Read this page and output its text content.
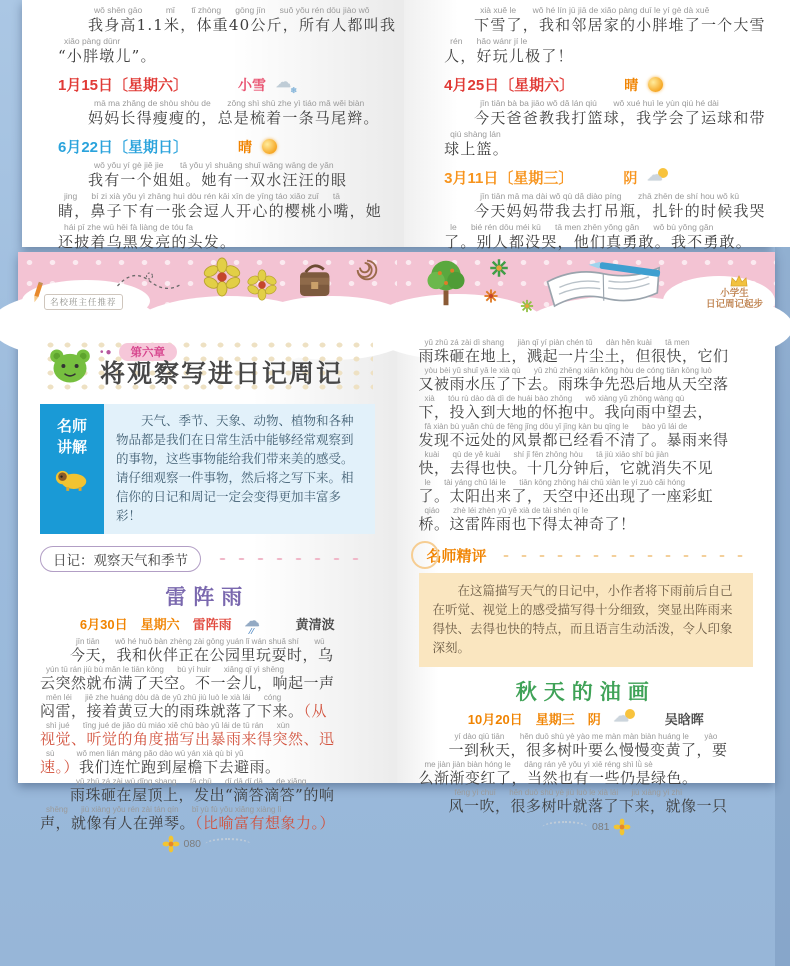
wǒ shēn gāo          mǐ       tǐ zhòng      gōng jīn      suǒ yǒu rén dōu jiào wǒ
我身高1.1米，体重40公斤，所有人都叫我
xiǎo pàng dūnr
“小胖墩儿”。
1月15日〔星期六〕	小雪
☁ ❄
mā ma zhǎng de shòu shòu de       zǒng shì shū zhe yì tiáo mǎ wěi biàn
妈妈长得瘦瘦的，总是梳着一条马尾辫。
6月22日〔星期日〕	晴
wǒ yǒu yí gè jiě jie       tā yǒu yì shuāng shuǐ wāng wāng de yǎn
我有一个姐姐。她有一双水汪汪的眼
jing      bí zi xià yǒu yì zhāng huì dòu rén kāi xīn de yīng táo xiǎo zuǐ      tā
睛，鼻子下有一张会逗人开心的樱桃小嘴，她
hái pī zhe wū hēi fà liàng de tóu fa
还披着乌黑发亮的头发。
xià xuě le       wǒ hé lín jū jiā de xiǎo pàng duī le yí gè dà xuě
下雪了，我和邻居家的小胖堆了一个大雪
rén      hǎo wánr jí le
人，好玩儿极了！
4月25日〔星期六〕	晴
jīn tiān bà ba jiāo wǒ dǎ lán qiú       wǒ xué huì le yùn qiú hé dài
今天爸爸教我打篮球，我学会了运球和带
qiú shàng lán
球上篮。
3月11日〔星期三〕	阴
☁
jīn tiān mā ma dài wǒ qù dǎ diào píng       zhā zhēn de shí hou wǒ kū
今天妈妈带我去打吊瓶，扎针的时候我哭
le      bié rén dōu méi kū      tā men zhēn yǒng gǎn      wǒ bù yǒng gǎn
了。别人都没哭，他们真勇敢。我不勇敢。
名校班主任推荐
•●	第六章
将观察写进日记周记
名师
讲解
天气、季节、天象、动物、植物和各种物品都是我们在日常生活中能够经常观察到的事物，这些事物能给我们带来美的感受。请仔细观察一件事物，然后将之写下来。相信你的日记和周记一定会变得更加丰富多彩！
日记：观察天气和季节
雷阵雨
6月30日 星期六 雷阵雨 ☁ ⁄⁄	黄清波
jīn tiān       wǒ hé huǒ bàn zhèng zài gōng yuán lǐ wán shuǎ shí       wū
今天，我和伙伴正在公园里玩耍时，乌
yún tū rán jiù bù mǎn le tiān kōng      bù yí huìr      xiǎng qǐ yì shēng
云突然就布满了天空。不一会儿，响起一声
mēn léi      jiē zhe huáng dòu dà de yǔ zhū jiù luò le xià lái      cóng
闷雷，接着黄豆大的雨珠就落了下来。（从
shì jué      tīng jué de jiǎo dù miáo xiě chū bào yǔ lái de tū rán      xùn
视觉、听觉的角度描写出暴雨来得突然、迅
sù          wǒ men lián máng pǎo dào wū yán xià qù bì yǔ
速。）我们连忙跑到屋檐下去避雨。
yǔ zhū zá zài wū dǐng shang      fā chū      dī dā dī dā      de xiǎng
雨珠砸在屋顶上，发出“滴答滴答”的响
shēng      jiù xiàng yǒu rén zài tán qín      bǐ yù fù yǒu xiǎng xiàng lì
声，就像有人在弹琴。（比喻富有想象力。）
080
小学生
日记周记起步
yǔ zhū zá zài dì shang      jiàn qǐ yí piàn chén tǔ      dàn hěn kuài      tā men
雨珠砸在地上，溅起一片尘土，但很快，它们
yòu bèi yǔ shuǐ yā le xià qù      yǔ zhū zhēng xiān kǒng hòu de cóng tiān kōng luò
又被雨水压了下去。雨珠争先恐后地从天空落
xià      tóu rù dào dà dì de huái bào zhōng      wǒ xiàng yǔ zhōng wàng qù
下，投入到大地的怀抱中。我向雨中望去，
fā xiàn bù yuǎn chù de fēng jǐng dōu yǐ jīng kàn bu qīng le      bào yǔ lái de
发现不远处的风景都已经看不清了。暴雨来得
kuài      qù de yě kuài      shí jǐ fēn zhōng hòu      tā jiù xiāo shī bú jiàn
快，去得也快。十几分钟后，它就消失不见
le      tài yáng chū lái le      tiān kōng zhōng hái chū xiàn le yí zuò cǎi hóng
了。太阳出来了，天空中还出现了一座彩虹
qiáo      zhè léi zhèn yǔ yě xià de tài shén qí le
桥。这雷阵雨也下得太神奇了！
名师精评
在这篇描写天气的日记中，小作者将下雨前后自己在听觉、视觉上的感受描写得十分细致，突显出阵雨来得快、去得也快的特点，而且语言生动活泼，令人印象深刻。
秋天的油画
10月20日 星期三 阴 ☁	吴晗晖
yí dào qiū tiān       hěn duō shù yè yào me màn màn biàn huáng le       yào
一到秋天，很多树叶要么慢慢变黄了，要
me jiàn jiàn biàn hóng le      dāng rán yě yǒu yì xiē réng shì lǜ sè
么渐渐变红了，当然也有一些仍是绿色。
fēng yì chuī      hěn duō shù yè jiù luò le xià lái      jiù xiàng yì zhī
风一吹，很多树叶就落了下来，就像一只
081
